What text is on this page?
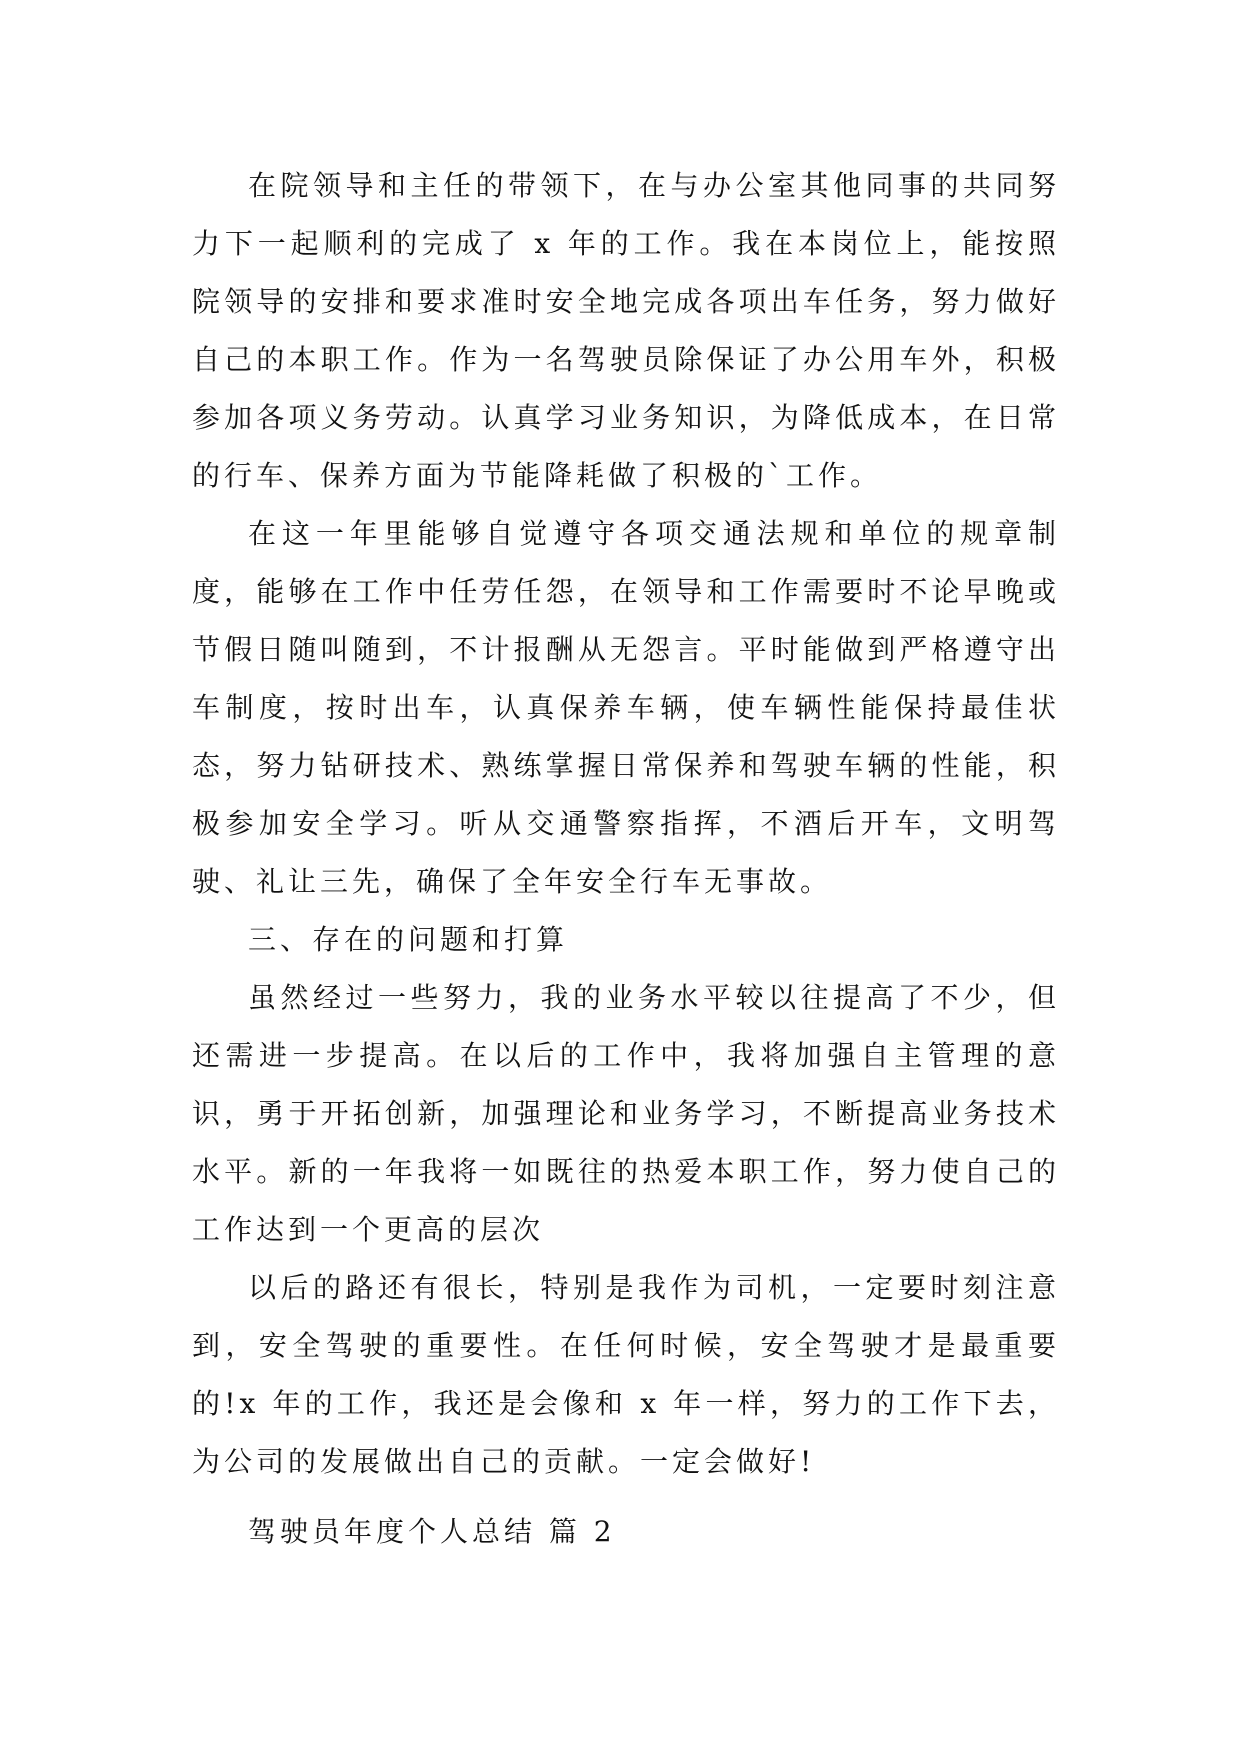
在院领导和主任的带领下，在与办公室其他同事的共同努力下一起顺利的完成了 x 年的工作。我在本岗位上，能按照院领导的安排和要求准时安全地完成各项出车任务，努力做好自己的本职工作。作为一名驾驶员除保证了办公用车外，积极参加各项义务劳动。认真学习业务知识，为降低成本，在日常的行车、保养方面为节能降耗做了积极的`工作。

在这一年里能够自觉遵守各项交通法规和单位的规章制度，能够在工作中任劳任怨，在领导和工作需要时不论早晚或节假日随叫随到，不计报酬从无怨言。平时能做到严格遵守出车制度，按时出车，认真保养车辆，使车辆性能保持最佳状态，努力钻研技术、熟练掌握日常保养和驾驶车辆的性能，积极参加安全学习。听从交通警察指挥，不酒后开车，文明驾驶、礼让三先，确保了全年安全行车无事故。

三、存在的问题和打算

虽然经过一些努力，我的业务水平较以往提高了不少，但还需进一步提高。在以后的工作中，我将加强自主管理的意识，勇于开拓创新，加强理论和业务学习，不断提高业务技术水平。新的一年我将一如既往的热爱本职工作，努力使自己的工作达到一个更高的层次

以后的路还有很长，特别是我作为司机，一定要时刻注意到，安全驾驶的重要性。在任何时候，安全驾驶才是最重要的!x 年的工作，我还是会像和 x 年一样，努力的工作下去，为公司的发展做出自己的贡献。一定会做好!

驾驶员年度个人总结 篇 2
